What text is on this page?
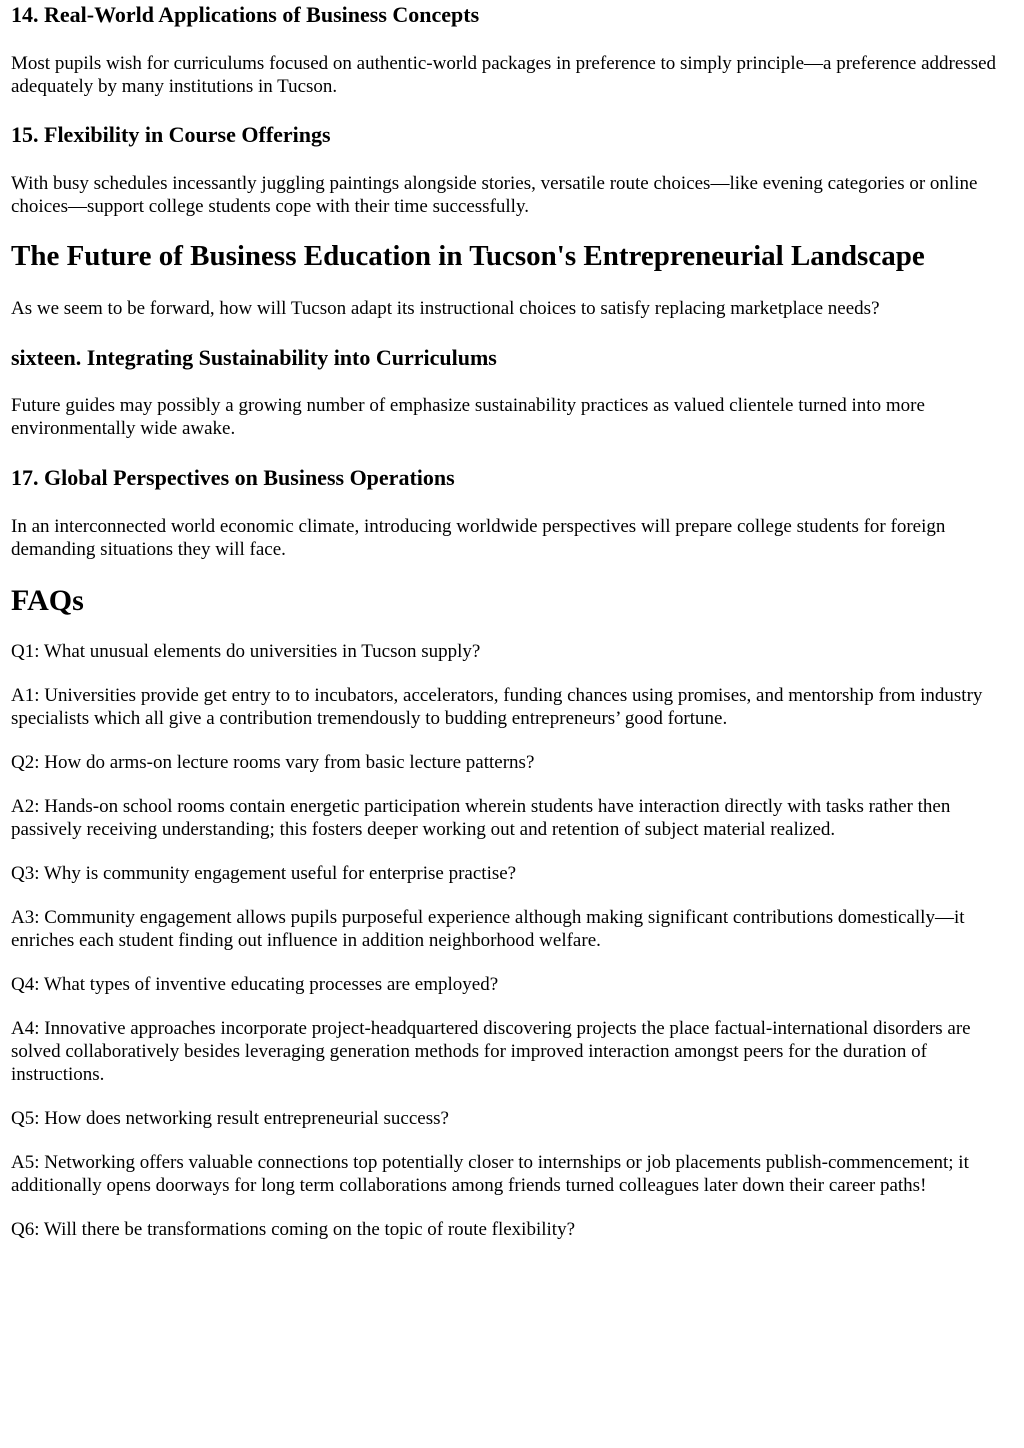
14. Real-World Applications of Business Concepts

Most pupils wish for curriculums focused on authentic-world packages in preference to simply principle—a preference addressed adequately by many institutions in Tucson.

15. Flexibility in Course Offerings

With busy schedules incessantly juggling paintings alongside stories, versatile route choices—like evening categories or online choices—support college students cope with their time successfully.

The Future of Business Education in Tucson's Entrepreneurial Landscape

As we seem to be forward, how will Tucson adapt its instructional choices to satisfy replacing marketplace needs?

sixteen. Integrating Sustainability into Curriculums

Future guides may possibly a growing number of emphasize sustainability practices as valued clientele turned into more environmentally wide awake.

17. Global Perspectives on Business Operations

In an interconnected world economic climate, introducing worldwide perspectives will prepare college students for foreign demanding situations they will face.

FAQs

Q1: What unusual elements do universities in Tucson supply?

A1: Universities provide get entry to to incubators, accelerators, funding chances using promises, and mentorship from industry specialists which all give a contribution tremendously to budding entrepreneurs’ good fortune.

Q2: How do arms-on lecture rooms vary from basic lecture patterns?

A2: Hands-on school rooms contain energetic participation wherein students have interaction directly with tasks rather then passively receiving understanding; this fosters deeper working out and retention of subject material realized.

Q3: Why is community engagement useful for enterprise practise?

A3: Community engagement allows pupils purposeful experience although making significant contributions domestically—it enriches each student finding out influence in addition neighborhood welfare.

Q4: What types of inventive educating processes are employed?

A4: Innovative approaches incorporate project-headquartered discovering projects the place factual-international disorders are solved collaboratively besides leveraging generation methods for improved interaction amongst peers for the duration of instructions.

Q5: How does networking result entrepreneurial success?

A5: Networking offers valuable connections top potentially closer to internships or job placements publish-commencement; it additionally opens doorways for long term collaborations among friends turned colleagues later down their career paths!

Q6: Will there be transformations coming on the topic of route flexibility?
